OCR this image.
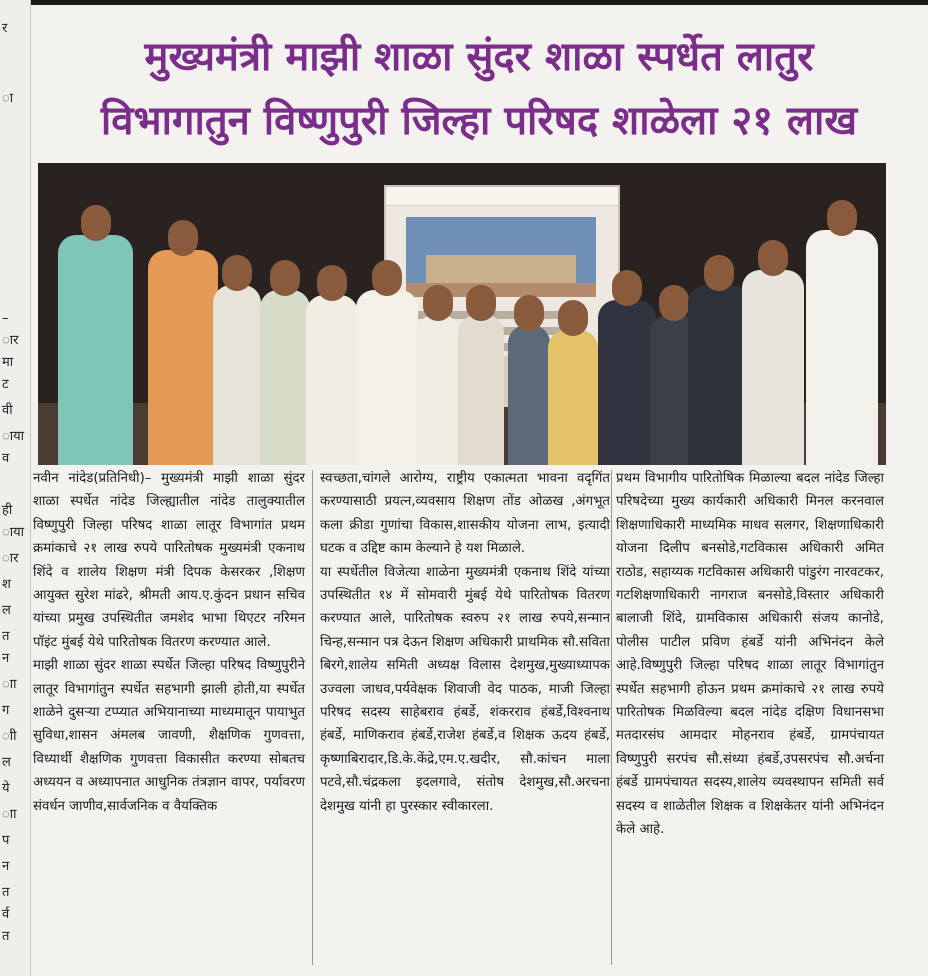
र
ा
–
ार
मा
ट
वी
ाया
व
ही
ाया
ार
श
ल
त
न
ाा
ग
ाी
ल
ये
ाा
प
न
त
र्व
त
मुख्यमंत्री माझी शाळा सुंदर शाळा स्पर्धेत लातुर
विभागातुन विष्णुपुरी जिल्हा परिषद शाळेला २१ लाख

नवीन नांदेड(प्रतिनिधी)– मुख्यमंत्री माझी शाळा सुंदर शाळा स्पर्धेत नांदेड जिल्ह्यातील नांदेड तालुक्यातील विष्णुपुरी जिल्हा परिषद शाळा लातूर विभागांत प्रथम क्रमांकाचे २१ लाख रुपये पारितोषक मुख्यमंत्री एकनाथ शिंदे व शालेय शिक्षण मंत्री दिपक केसरकर ,शिक्षण आयुक्त सुरेश मांढरे, श्रीमती आय.ए.कुंदन प्रधान सचिव यांच्या प्रमुख उपस्थितीत जमशेद भाभा थिएटर नरिमन पॉइंट मुंबई येथे पारितोषक वितरण करण्यात आले.
माझी शाळा सुंदर शाळा स्पर्धेत जिल्हा परिषद विष्णुपुरीने लातूर विभागांतुन स्पर्धेत सहभागी झाली होती,या स्पर्धेत शाळेने दुसऱ्या टप्प्यात अभियानाच्या माध्यमातून पायाभुत सुविधा,शासन अंमलब जावणी, शैक्षणिक गुणवत्ता, विध्यार्थी शैक्षणिक गुणवत्ता विकासीत करण्या सोबतच अध्ययन व अध्यापनात आधुनिक तंत्रज्ञान वापर, पर्यावरण संवर्धन जाणीव,सार्वजनिक व वैयक्तिक

स्वच्छता,चांगले आरोग्य, राष्ट्रीय एकात्मता भावना वदृगिंत करण्यासाठी प्रयत्न,व्यवसाय शिक्षण तोंड ओळख ,अंगभूत कला क्रीडा गुणांचा विकास,शासकीय योजना लाभ, इत्यादी घटक व उद्दिष्ट काम केल्याने हे यश मिळाले.
या स्पर्धेतील विजेत्या शाळेना मुख्यमंत्री एकनाथ शिंदे यांच्या उपस्थितीत १४ में सोमवारी मुंबई येथे पारितोषक वितरण करण्यात आले, पारितोषक स्वरुप २१ लाख रुपये,सन्मान चिन्ह,सन्मान पत्र देऊन शिक्षण अधिकारी प्राथमिक सौ.सविता बिरगे,शालेय समिती अध्यक्ष विलास देशमुख,मुख्याध्यापक उज्वला जाधव,पर्यवेक्षक शिवाजी वेद पाठक, माजी जिल्हा परिषद सदस्य साहेबराव हंबर्डे, शंकरराव हंबर्डे,विश्वनाथ हंबर्डे, माणिकराव हंबर्डे,राजेश हंबर्डे,व शिक्षक ऊदय हंबर्डे, कृष्णाबिरादार,डि.के.केंद्रे,एम.ए.खदीर, सौ.कांचन माला पटवे,सौ.चंद्रकला इदलगावे, संतोष देशमुख,सौ.अरचना देशमुख यांनी हा पुरस्कार स्वीकारला.

प्रथम विभागीय पारितोषिक मिळाल्या बदल नांदेड जिल्हा परिषदेच्या मुख्य कार्यकारी अधिकारी मिनल करनवाल शिक्षणाधिकारी माध्यमिक माधव सलगर, शिक्षणाधिकारी योजना दिलीप बनसोडे,गटविकास अधिकारी अमित राठोड, सहाय्यक गटविकास अधिकारी पांडुरंग नारवटकर, गटशिक्षणाधिकारी नागराज बनसोडे,विस्तार अधिकारी बालाजी शिंदे, ग्रामविकास अधिकारी संजय कानोडे, पोलीस पाटील प्रविण हंबर्डे यांनी अभिनंदन केले आहे.विष्णुपुरी जिल्हा परिषद शाळा लातूर विभागांतुन स्पर्धेत सहभागी होऊन प्रथम क्रमांकाचे २१ लाख रुपये पारितोषक मिळविल्या बदल नांदेड दक्षिण विधानसभा मतदारसंघ आमदार मोहनराव हंबर्डे, ग्रामपंचायत विष्णुपुरी सरपंच सौ.संध्या हंबर्डे,उपसरपंच सौ.अर्चना हंबर्डे ग्रामपंचायत सदस्य,शालेय व्यवस्थापन समिती सर्व सदस्य व शाळेतील शिक्षक व शिक्षकेतर यांनी अभिनंदन केले आहे.
